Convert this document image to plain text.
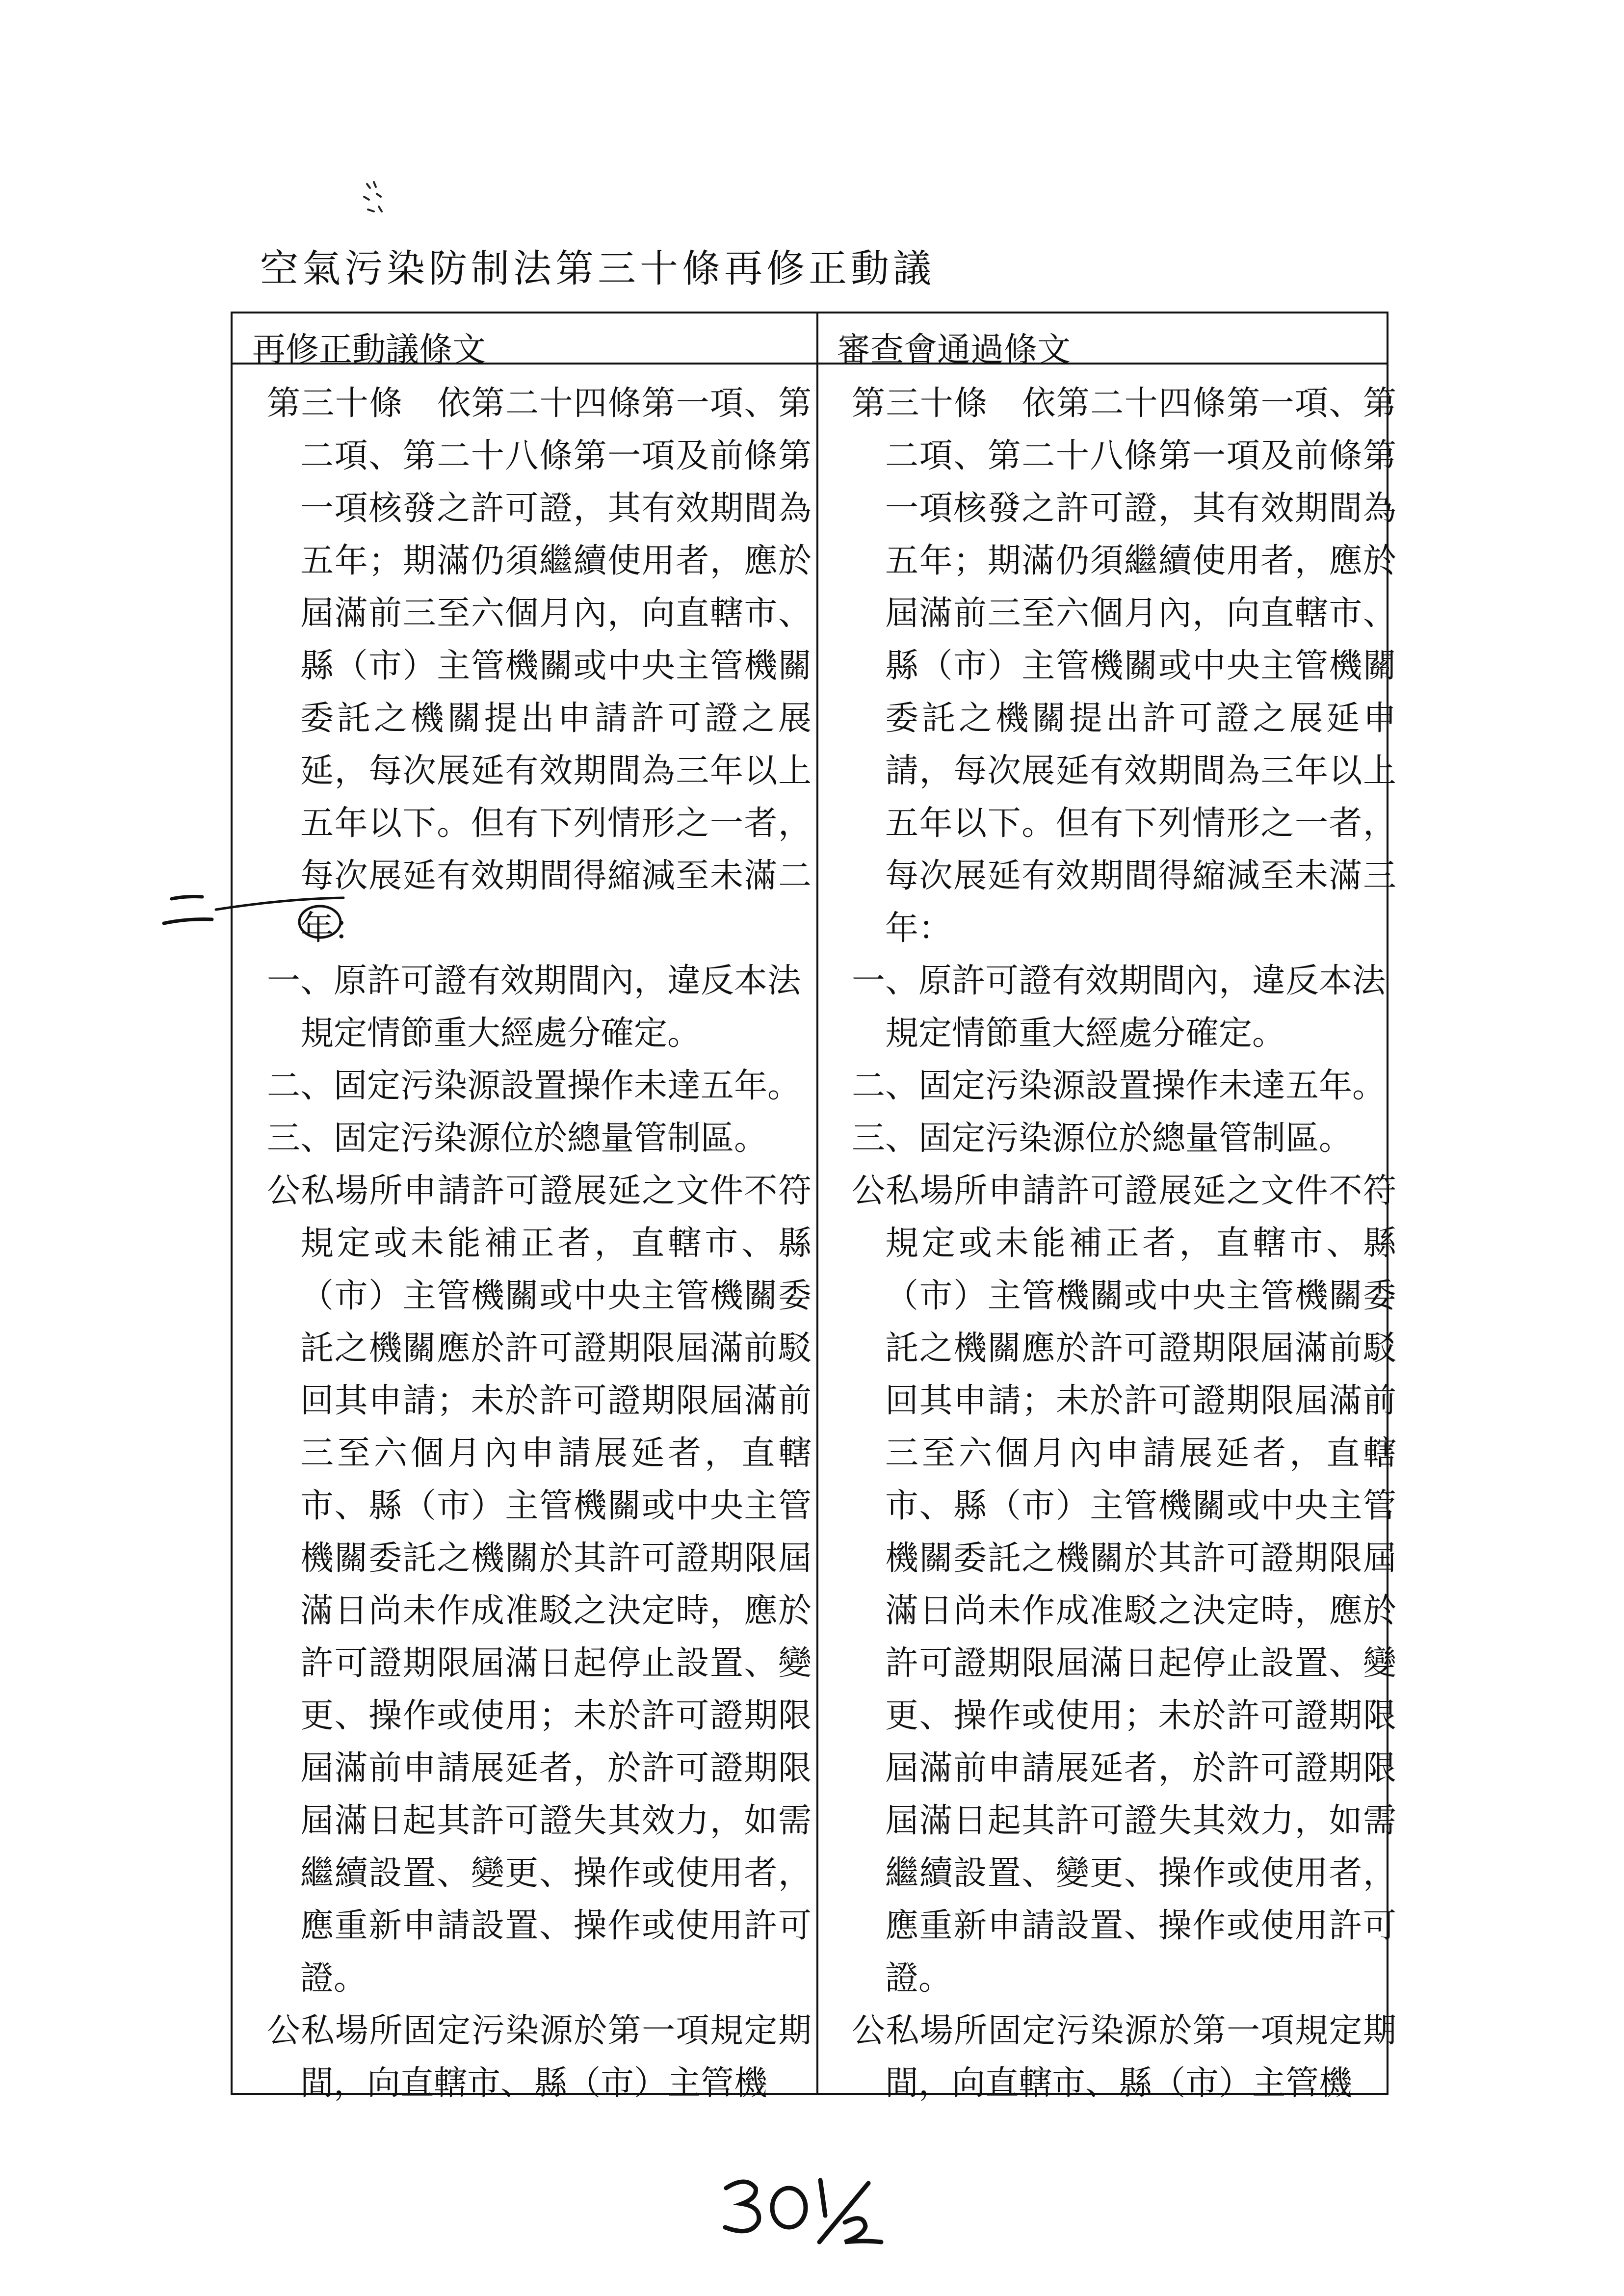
空氣污染防制法第三十條再修正動議
再修正動議條文	審查會通過條文

第三十條　依第二十四條第一項、第二項、第二十八條第一項及前條第一項核發之許可證，其有效期間為五年；期滿仍須繼續使用者，應於屆滿前三至六個月內，向直轄市、縣（市）主管機關或中央主管機關委託之機關提出申請許可證之展延，每次展延有效期間為三年以上五年以下。但有下列情形之一者，每次展延有效期間得縮減至未滿二年：

一、原許可證有效期間內，違反本法規定情節重大經處分確定。

二、固定污染源設置操作未達五年。

三、固定污染源位於總量管制區。

公私場所申請許可證展延之文件不符規定或未能補正者，直轄市、縣（市）主管機關或中央主管機關委託之機關應於許可證期限屆滿前駁回其申請；未於許可證期限屆滿前三至六個月內申請展延者，直轄市、縣（市）主管機關或中央主管機關委託之機關於其許可證期限屆滿日尚未作成准駁之決定時，應於許可證期限屆滿日起停止設置、變更、操作或使用；未於許可證期限屆滿前申請展延者，於許可證期限屆滿日起其許可證失其效力，如需繼續設置、變更、操作或使用者，應重新申請設置、操作或使用許可證。

公私場所固定污染源於第一項規定期間，向直轄市、縣（市）主管機

第三十條　依第二十四條第一項、第二項、第二十八條第一項及前條第一項核發之許可證，其有效期間為五年；期滿仍須繼續使用者，應於屆滿前三至六個月內，向直轄市、縣（市）主管機關或中央主管機關委託之機關提出許可證之展延申請，每次展延有效期間為三年以上五年以下。但有下列情形之一者，每次展延有效期間得縮減至未滿三年：

一、原許可證有效期間內，違反本法規定情節重大經處分確定。

二、固定污染源設置操作未達五年。

三、固定污染源位於總量管制區。

公私場所申請許可證展延之文件不符規定或未能補正者，直轄市、縣（市）主管機關或中央主管機關委託之機關應於許可證期限屆滿前駁回其申請；未於許可證期限屆滿前三至六個月內申請展延者，直轄市、縣（市）主管機關或中央主管機關委託之機關於其許可證期限屆滿日尚未作成准駁之決定時，應於許可證期限屆滿日起停止設置、變更、操作或使用；未於許可證期限屆滿前申請展延者，於許可證期限屆滿日起其許可證失其效力，如需繼續設置、變更、操作或使用者，應重新申請設置、操作或使用許可證。

公私場所固定污染源於第一項規定期間，向直轄市、縣（市）主管機
